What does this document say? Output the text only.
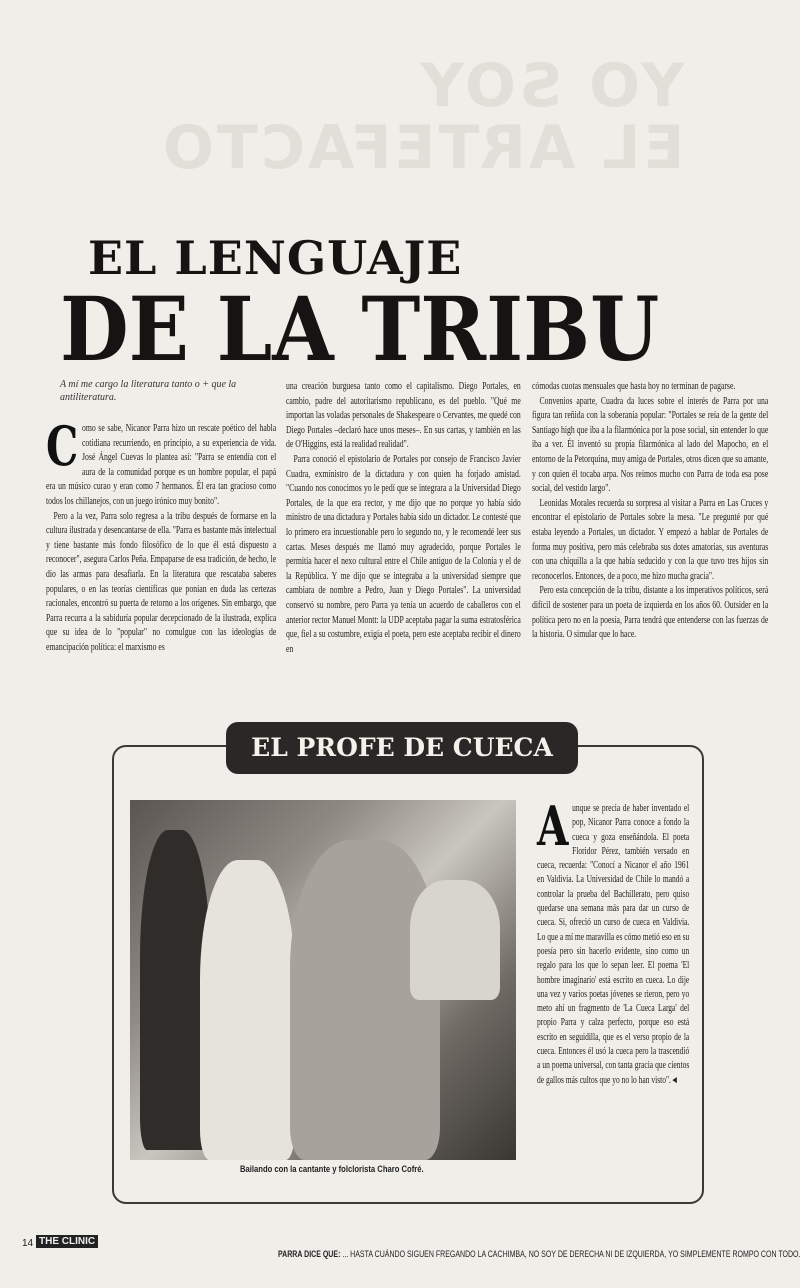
YO SOY
EL ARTEFACTO
EL LENGUAJE
DE LA TRIBU
A mí me cargo la literatura tanto o + que la antiliteratura.

Como se sabe, Nicanor Parra hizo un rescate poético del habla cotidiana recurriendo, en principio, a su experiencia de vida. José Ángel Cuevas lo plantea así: "Parra se entendía con el aura de la comunidad porque es un hombre popular, el papá era un músico curao y eran como 7 hermanos. Él era tan gracioso como todos los chillanejos, con un juego irónico muy bonito".

Pero a la vez, Parra solo regresa a la tribu después de formarse en la cultura ilustrada y desencantarse de ella. "Parra es bastante más intelectual y tiene bastante más fondo filosófico de lo que él está dispuesto a reconocer", asegura Carlos Peña. Empaparse de esa tradición, de hecho, le dio las armas para desafiarla. En la literatura que rescataba saberes populares, o en las teorías científicas que ponían en duda las certezas racionales, encontró su puerta de retorno a los orígenes. Sin embargo, que Parra recurra a la sabiduría popular decepcionado de la ilustrada, explica que su idea de lo "popular" no comulgue con las ideologías de emancipación política: el marxismo es

una creación burguesa tanto como el capitalismo. Diego Portales, en cambio, padre del autoritarismo republicano, es del pueblo. "Qué me importan las voladas personales de Shakespeare o Cervantes, me quedé con Diego Portales –declaró hace unos meses–. En sus cartas, y también en las de O'Higgins, está la realidad realidad".

Parra conoció el epistolario de Portales por consejo de Francisco Javier Cuadra, exministro de la dictadura y con quien ha forjado amistad. "Cuando nos conocimos yo le pedí que se integrara a la Universidad Diego Portales, de la que era rector, y me dijo que no porque yo había sido ministro de una dictadura y Portales había sido un dictador. Le contesté que lo primero era incuestionable pero lo segundo no, y le recomendé leer sus cartas. Meses después me llamó muy agradecido, porque Portales le permitía hacer el nexo cultural entre el Chile antiguo de la Colonia y el de la República. Y me dijo que se integraba a la universidad siempre que cambiara de nombre a Pedro, Juan y Diego Portales". La universidad conservó su nombre, pero Parra ya tenía un acuerdo de caballeros con el anterior rector Manuel Montt: la UDP aceptaba pagar la suma estratosférica que, fiel a su costumbre, exigía el poeta, pero este aceptaba recibir el dinero en

cómodas cuotas mensuales que hasta hoy no terminan de pagarse.

Convenios aparte, Cuadra da luces sobre el interés de Parra por una figura tan reñida con la soberanía popular: "Portales se reía de la gente del Santiago high que iba a la filarmónica por la pose social, sin entender lo que iba a ver. Él inventó su propia filarmónica al lado del Mapocho, en el entorno de la Petorquina, muy amiga de Portales, otros dicen que su amante, y con quien él tocaba arpa. Nos reímos mucho con Parra de toda esa pose social, del vestido largo".

Leonidas Morales recuerda su sorpresa al visitar a Parra en Las Cruces y encontrar el epistolario de Portales sobre la mesa. "Le pregunté por qué estaba leyendo a Portales, un dictador. Y empezó a hablar de Portales de forma muy positiva, pero más celebraba sus dotes amatorias, sus aventuras con una chiquilla a la que había seducido y con la que tuvo tres hijos sin reconocerlos. Entonces, de a poco, me hizo mucha gracia".

Pero esta concepción de la tribu, distante a los imperativos políticos, será difícil de sostener para un poeta de izquierda en los años 60. Outsider en la política pero no en la poesía, Parra tendrá que entenderse con las fuerzas de la historia. O simular que lo hace.

EL PROFE DE CUECA
Bailando con la cantante y folclorista Charo Cofré.

Aunque se precia de haber inventado el pop, Nicanor Parra conoce a fondo la cueca y goza enseñándola. El poeta Floridor Pérez, también versado en cueca, recuerda: "Conocí a Nicanor el año 1961 en Valdivia. La Universidad de Chile lo mandó a controlar la prueba del Bachillerato, pero quiso quedarse una semana más para dar un curso de cueca. Sí, ofreció un curso de cueca en Valdivia. Lo que a mí me maravilla es cómo metió eso en su poesía pero sin hacerlo evidente, sino como un regalo para los que lo sepan leer. El poema 'El hombre imaginario' está escrito en cueca. Lo dije una vez y varios poetas jóvenes se rieron, pero yo meto ahí un fragmento de 'La Cueca Larga' del propio Parra y calza perfecto, porque eso está escrito en seguidilla, que es el verso propio de la cueca. Entonces él usó la cueca pero la trascendió a un poema universal, con tanta gracia que cientos de gallos más cultos que yo no lo han visto".◄

14 THE CLINIC
PARRA DICE QUE: ... HASTA CUÁNDO SIGUEN FREGANDO LA CACHIMBA, NO SOY DE DERECHA NI DE IZQUIERDA, YO SIMPLEMENTE ROMPO CON TODO.
